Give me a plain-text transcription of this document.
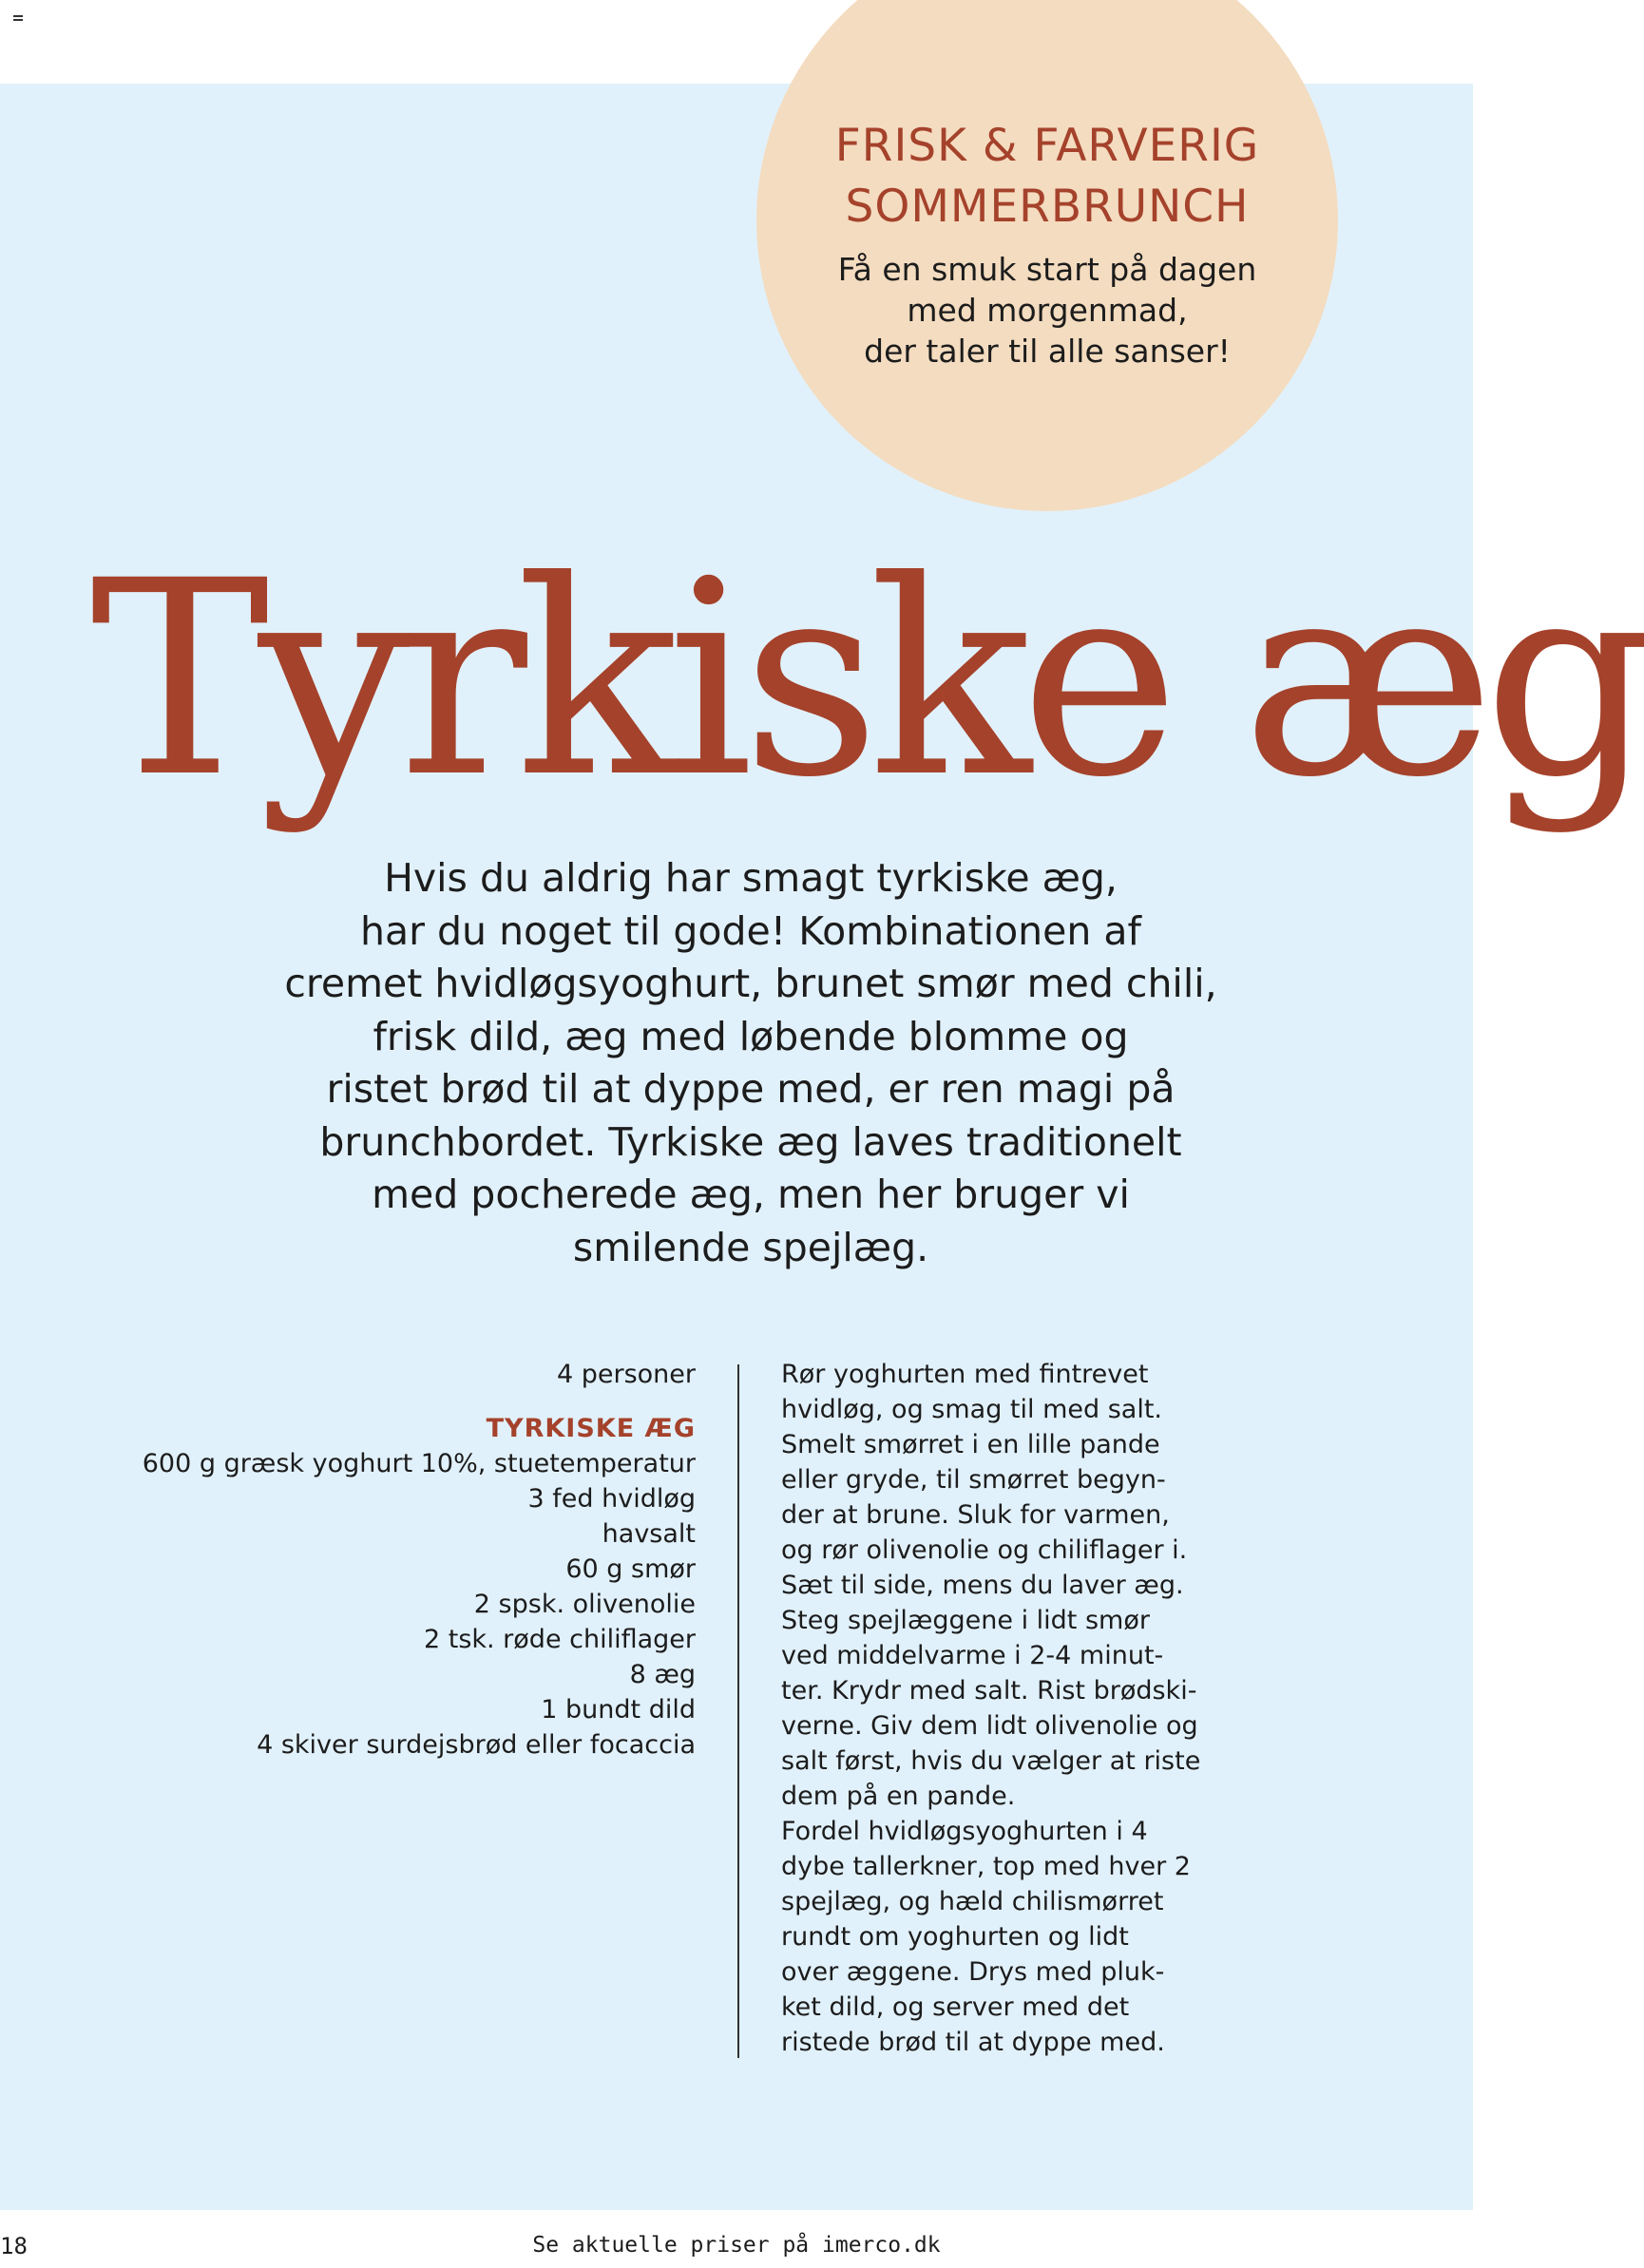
FRISK & FARVERIG
SOMMERBRUNCH
Få en smuk start på dagen
med morgenmad,
der taler til alle sanser!
Tyrkiske æg
Hvis du aldrig har smagt tyrkiske æg,
har du noget til gode! Kombinationen af
cremet hvidløgsyoghurt, brunet smør med chili,
frisk dild, æg med løbende blomme og
ristet brød til at dyppe med, er ren magi på
brunchbordet. Tyrkiske æg laves traditionelt
med pocherede æg, men her bruger vi
smilende spejlæg.
4 personer
TYRKISKE ÆG
600 g græsk yoghurt 10%, stuetemperatur
3 fed hvidløg
havsalt
60 g smør
2 spsk. olivenolie
2 tsk. røde chiliflager
8 æg
1 bundt dild
4 skiver surdejsbrød eller focaccia
Rør yoghurten med fintrevet
hvidløg, og smag til med salt.
Smelt smørret i en lille pande
eller gryde, til smørret begyn-
der at brune. Sluk for varmen,
og rør olivenolie og chiliflager i.
Sæt til side, mens du laver æg.
Steg spejlæggene i lidt smør
ved middelvarme i 2-4 minut-
ter. Krydr med salt. Rist brødski-
verne. Giv dem lidt olivenolie og
salt først, hvis du vælger at riste
dem på en pande.
Fordel hvidløgsyoghurten i 4
dybe tallerkner, top med hver 2
spejlæg, og hæld chilismørret
rundt om yoghurten og lidt
over æggene. Drys med pluk-
ket dild, og server med det
ristede brød til at dyppe med.
18	Se aktuelle priser på imerco.dk
